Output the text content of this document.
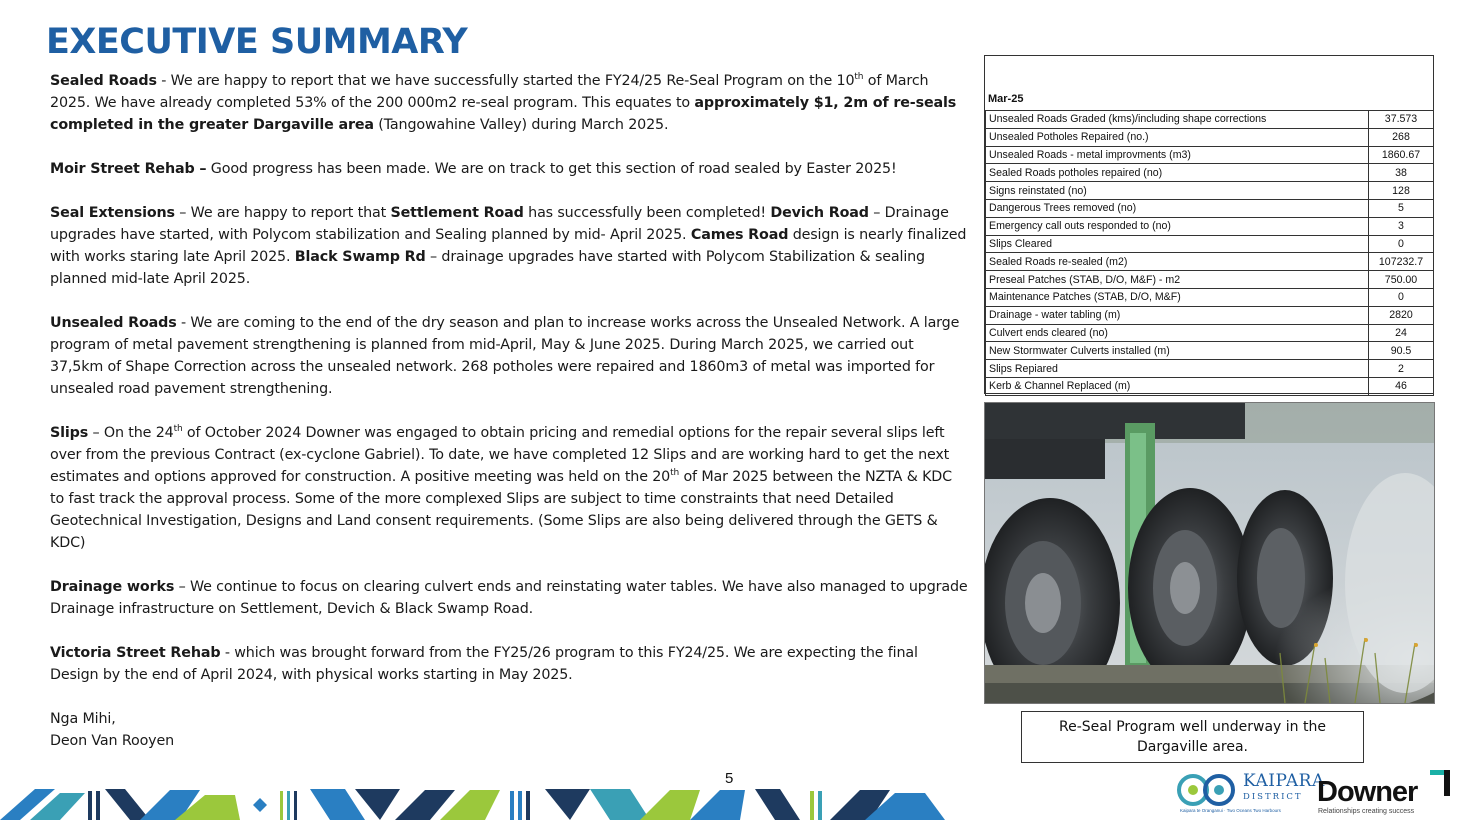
EXECUTIVE SUMMARY

Sealed Roads - We are happy to report that we have successfully started the FY24/25 Re-Seal Program on the 10th of March 2025. We have already completed 53% of the 200 000m2 re-seal program. This equates to approximately $1, 2m of re-seals completed in the greater Dargaville area (Tangowahine Valley) during March 2025.

Moir Street Rehab – Good progress has been made. We are on track to get this section of road sealed by Easter 2025!

Seal Extensions – We are happy to report that Settlement Road has successfully been completed! Devich Road – Drainage upgrades have started, with Polycom stabilization and Sealing planned by mid- April 2025. Cames Road design is nearly finalized with works staring late April 2025. Black Swamp Rd – drainage upgrades have started with Polycom Stabilization & sealing planned mid-late April 2025.

Unsealed Roads - We are coming to the end of the dry season and plan to increase works across the Unsealed Network. A large program of metal pavement strengthening is planned from mid-April, May & June 2025. During March 2025, we carried out 37,5km of Shape Correction across the unsealed network. 268 potholes were repaired and 1860m3 of metal was imported for unsealed road pavement strengthening.

Slips – On the 24th of October 2024 Downer was engaged to obtain pricing and remedial options for the repair several slips left over from the previous Contract (ex-cyclone Gabriel). To date, we have completed 12 Slips and are working hard to get the next estimates and options approved for construction. A positive meeting was held on the 20th of Mar 2025 between the NZTA & KDC to fast track the approval process. Some of the more complexed Slips are subject to time constraints that need Detailed Geotechnical Investigation, Designs and Land consent requirements. (Some Slips are also being delivered through the GETS & KDC)

Drainage works – We continue to focus on clearing culvert ends and reinstating water tables. We have also managed to upgrade Drainage infrastructure on Settlement, Devich & Black Swamp Road.

Victoria Street Rehab - which was brought forward from the FY25/26 program to this FY24/25. We are expecting the final Design by the end of April 2024, with physical works starting in May 2025.

Nga Mihi,

Deon Van Rooyen

Mar-25
Unsealed Roads Graded (kms)/including shape corrections	37.573
Unsealed Potholes Repaired (no.)	268
Unsealed Roads - metal improvments (m3)	1860.67
Sealed Roads potholes repaired (no)	38
Signs reinstated (no)	128
Dangerous Trees removed (no)	5
Emergency call outs responded to (no)	3
Slips Cleared	0
Sealed Roads re-sealed (m2)	107232.7
Preseal Patches (STAB, D/O, M&F) - m2	750.00
Maintenance Patches (STAB, D/O, M&F)	0
Drainage - water tabling (m)	2820
Culvert ends cleared (no)	24
New Stormwater Culverts installed (m)	90.5
Slips Repiared	2
Kerb & Channel Replaced (m)	46
Re-Seal Program well underway in the Dargaville area.
5	KAIPARA
DISTRICT
Kaipara te Oranganui · Two Oceans Two Harbours
Downer
Relationships creating success
